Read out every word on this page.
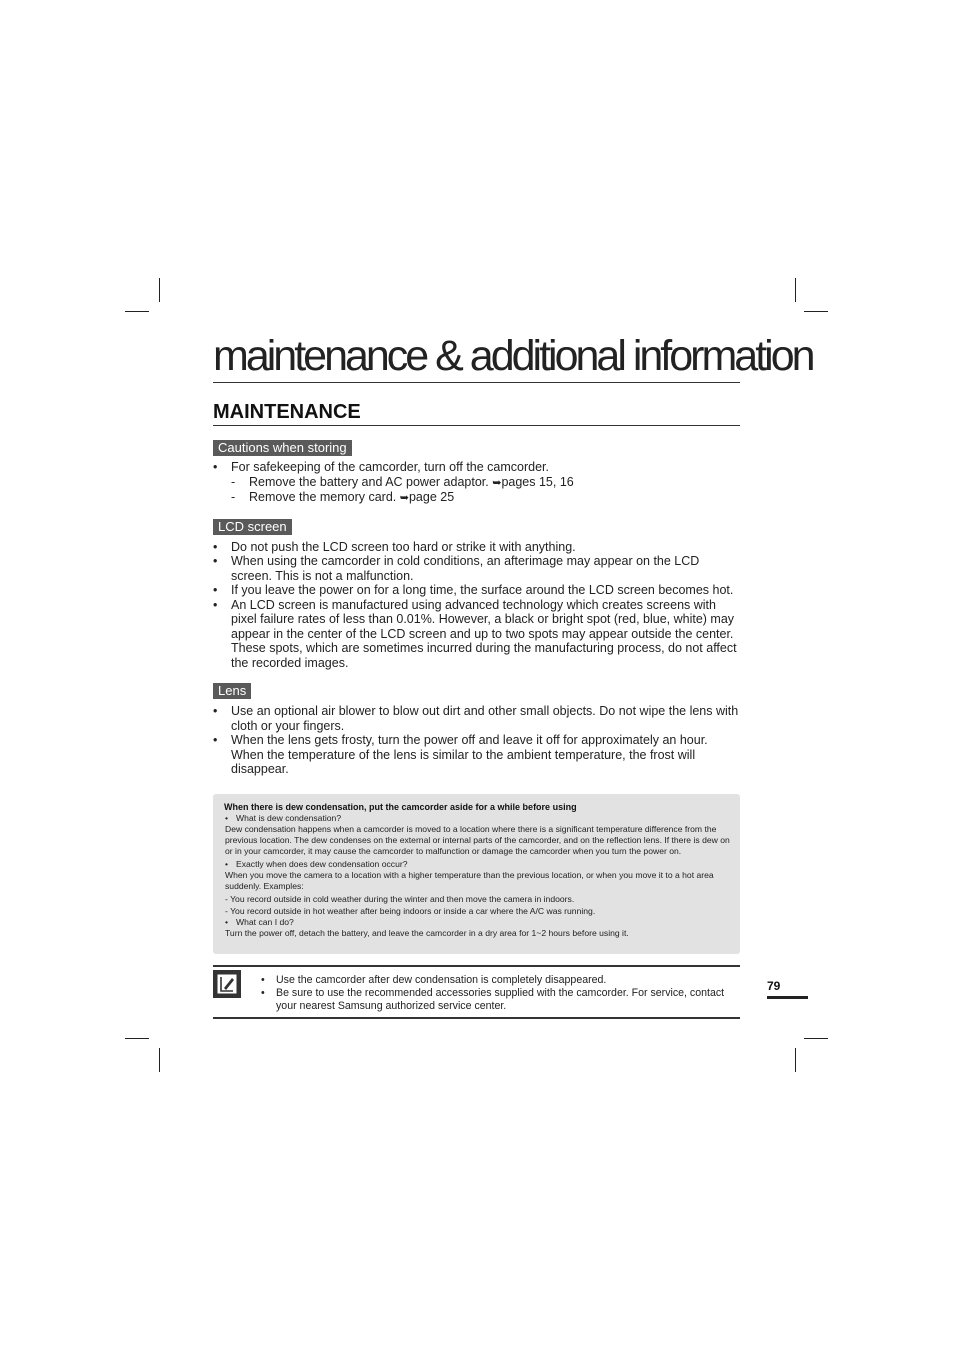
maintenance & additional information
MAINTENANCE
Cautions when storing
• For safekeeping of the camcorder, turn off the camcorder.
- Remove the battery and AC power adaptor. ➥pages 15, 16
- Remove the memory card. ➥page 25
LCD screen
• Do not push the LCD screen too hard or strike it with anything.
• When using the camcorder in cold conditions, an afterimage may appear on the LCD screen. This is not a malfunction.
• If you leave the power on for a long time, the surface around the LCD screen becomes hot.
• An LCD screen is manufactured using advanced technology which creates screens with pixel failure rates of less than 0.01%. However, a black or bright spot (red, blue, white) may appear in the center of the LCD screen and up to two spots may appear outside the center. These spots, which are sometimes incurred during the manufacturing process, do not affect the recorded images.
Lens
• Use an optional air blower to blow out dirt and other small objects. Do not wipe the lens with cloth or your fingers.
• When the lens gets frosty, turn the power off and leave it off for approximately an hour. When the temperature of the lens is similar to the ambient temperature, the frost will disappear.
When there is dew condensation, put the camcorder aside for a while before using
• What is dew condensation?
Dew condensation happens when a camcorder is moved to a location where there is a significant temperature difference from the previous location. The dew condenses on the external or internal parts of the camcorder, and on the reflection lens. If there is dew on or in your camcorder, it may cause the camcorder to malfunction or damage the camcorder when you turn the power on.
• Exactly when does dew condensation occur?
When you move the camera to a location with a higher temperature than the previous location, or when you move it to a hot area suddenly. Examples:
- You record outside in cold weather during the winter and then move the camera in indoors.
- You record outside in hot weather after being indoors or inside a car where the A/C was running.
• What can I do?
Turn the power off, detach the battery, and leave the camcorder in a dry area for 1~2 hours before using it.
• Use the camcorder after dew condensation is completely disappeared.
• Be sure to use the recommended accessories supplied with the camcorder. For service, contact your nearest Samsung authorized service center.
79
